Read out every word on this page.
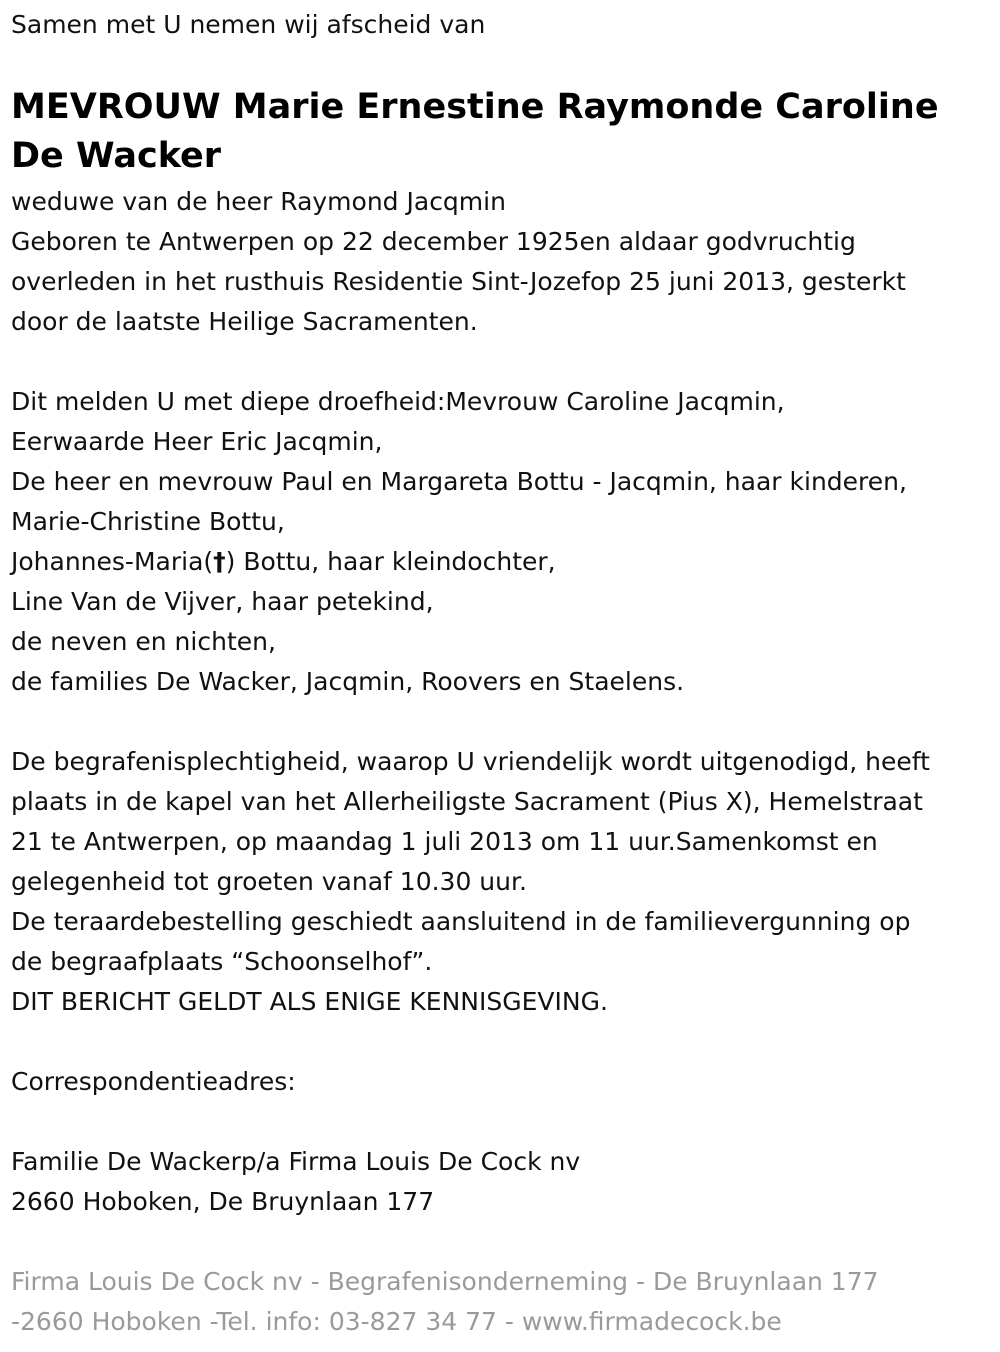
Samen met U nemen wij afscheid van
MEVROUW Marie Ernestine Raymonde Caroline
De Wacker
weduwe van de heer Raymond Jacqmin
Geboren te Antwerpen op 22 december 1925en aldaar godvruchtig
overleden in het rusthuis Residentie Sint-Jozefop 25 juni 2013, gesterkt
door de laatste Heilige Sacramenten.
Dit melden U met diepe droefheid:Mevrouw Caroline Jacqmin,
Eerwaarde Heer Eric Jacqmin,
De heer en mevrouw Paul en Margareta Bottu - Jacqmin, haar kinderen,
Marie-Christine Bottu,
Johannes-Maria(†) Bottu, haar kleindochter,
Line Van de Vijver, haar petekind,
de neven en nichten,
de families De Wacker, Jacqmin, Roovers en Staelens.
De begrafenisplechtigheid, waarop U vriendelijk wordt uitgenodigd, heeft
plaats in de kapel van het Allerheiligste Sacrament (Pius X), Hemelstraat
21 te Antwerpen, op maandag 1 juli 2013 om 11 uur.Samenkomst en
gelegenheid tot groeten vanaf 10.30 uur.
De teraardebestelling geschiedt aansluitend in de familievergunning op
de begraafplaats “Schoonselhof”.
DIT BERICHT GELDT ALS ENIGE KENNISGEVING.
Correspondentieadres:
Familie De Wackerp/a Firma Louis De Cock nv
2660 Hoboken, De Bruynlaan 177
Firma Louis De Cock nv - Begrafenisonderneming - De Bruynlaan 177
-2660 Hoboken -Tel. info: 03-827 34 77 - www.firmadecock.be
